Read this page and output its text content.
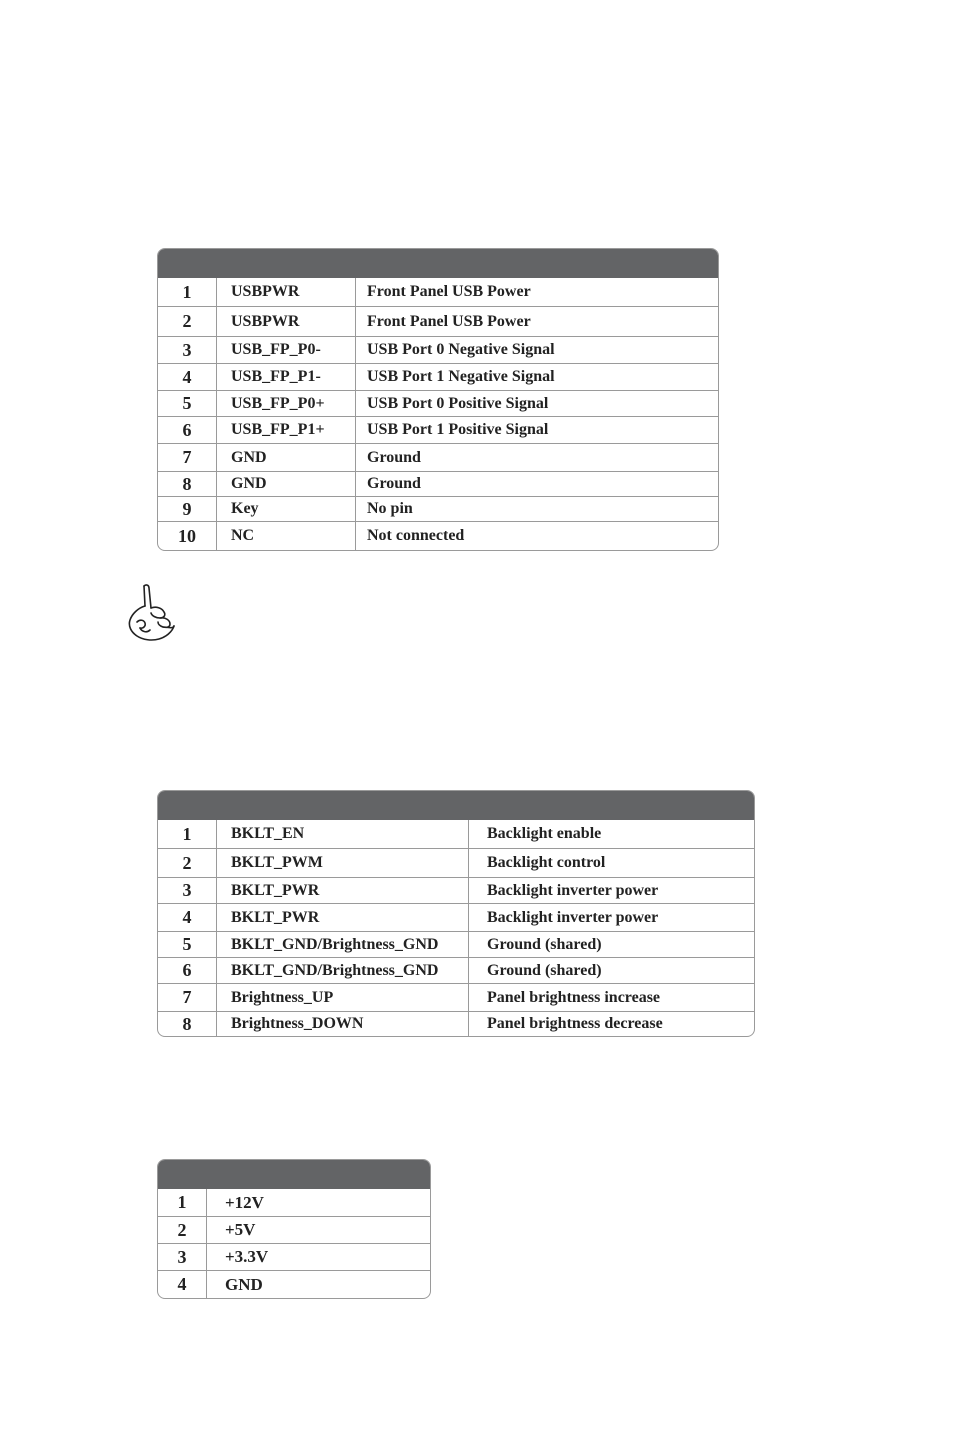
1	USBPWR	Front Panel USB Power
2	USBPWR	Front Panel USB Power
3	USB_FP_P0-	USB Port 0 Negative Signal
4	USB_FP_P1-	USB Port 1 Negative Signal
5	USB_FP_P0+	USB Port 0 Positive Signal
6	USB_FP_P1+	USB Port 1 Positive Signal
7	GND	Ground
8	GND	Ground
9	Key	No pin
10	NC	Not connected
1	BKLT_EN	Backlight enable
2	BKLT_PWM	Backlight control
3	BKLT_PWR	Backlight inverter power
4	BKLT_PWR	Backlight inverter power
5	BKLT_GND/Brightness_GND	Ground (shared)
6	BKLT_GND/Brightness_GND	Ground (shared)
7	Brightness_UP	Panel brightness increase
8	Brightness_DOWN	Panel brightness decrease
1	+12V
2	+5V
3	+3.3V
4	GND
